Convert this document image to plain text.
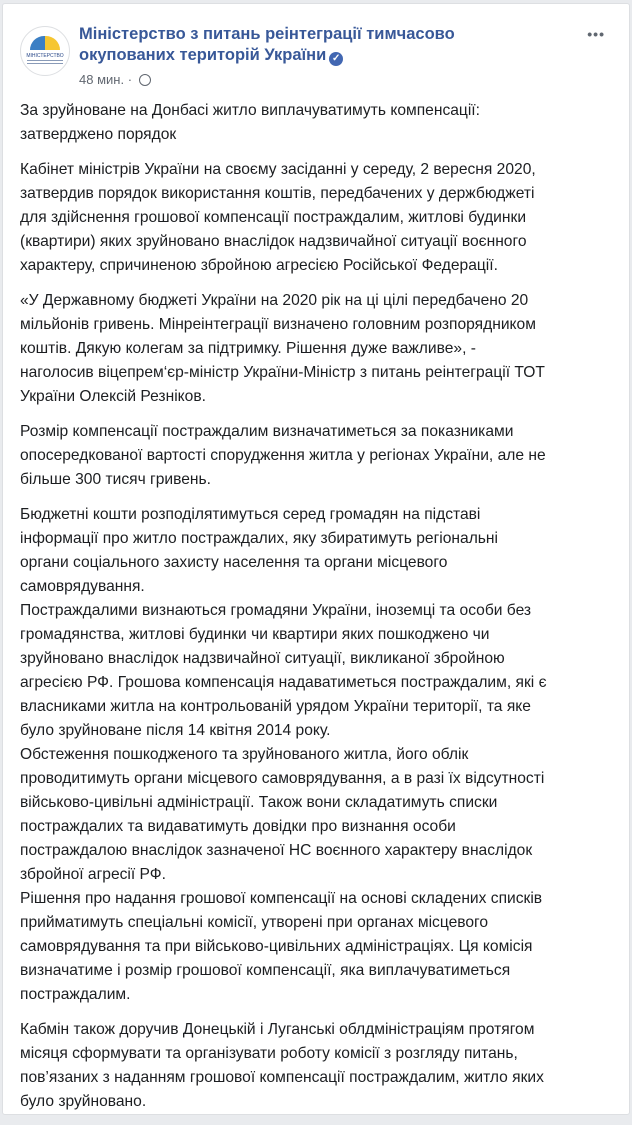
МІНІСТЕРСТВО
Міністерство з питань реінтеграції тимчасово окупованих територій України ✓
48 мин. ·
•••
За зруйноване на Донбасі житло виплачуватимуть компенсації:
затверджено порядок
Кабінет міністрів України на своєму засіданні у середу, 2 вересня 2020,
затвердив порядок використання коштів, передбачених у держбюджеті
для здійснення грошової компенсації постраждалим, житлові будинки
(квартири) яких зруйновано внаслідок надзвичайної ситуації воєнного
характеру, спричиненою збройною агресією Російської Федерації.
«У Державному бюджеті України на 2020 рік на ці цілі передбачено 20
мільйонів гривень. Мінреінтеграції визначено головним розпорядником
коштів. Дякую колегам за підтримку. Рішення дуже важливе», -
наголосив віцепрем‘єр-міністр України-Міністр з питань реінтеграції ТОТ
України Олексій Резніков.
Розмір компенсації постраждалим визначатиметься за показниками
опосередкованої вартості спорудження житла у регіонах України, але не
більше 300 тисяч гривень.
Бюджетні кошти розподілятимуться серед громадян на підставі
інформації про житло постраждалих, яку збиратимуть регіональні
органи соціального захисту населення та органи місцевого
самоврядування.
Постраждалими визнаються громадяни України, іноземці та особи без
громадянства, житлові будинки чи квартири яких пошкоджено чи
зруйновано внаслідок надзвичайної ситуації, викликаної збройною
агресією РФ. Грошова компенсація надаватиметься постраждалим, які є
власниками житла на контрольованій урядом України території, та яке
було зруйноване після 14 квітня 2014 року.
Обстеження пошкодженого та зруйнованого житла, його облік
проводитимуть органи місцевого самоврядування, а в разі їх відсутності
військово-цивільні адміністрації. Також вони складатимуть списки
постраждалих та видаватимуть довідки про визнання особи
постраждалою внаслідок зазначеної НС воєнного характеру внаслідок
збройної агресії РФ.
Рішення про надання грошової компенсації на основі складених списків
прийматимуть спеціальні комісії, утворені при органах місцевого
самоврядування та при військово-цивільних адміністраціях. Ця комісія
визначатиме і розмір грошової компенсації, яка виплачуватиметься
постраждалим.
Кабмін також доручив Донецькій і Луганські облдміністраціям протягом
місяця сформувати та організувати роботу комісії з розгляду питань,
пов’язаних з наданням грошової компенсації постраждалим, житло яких
було зруйновано.
